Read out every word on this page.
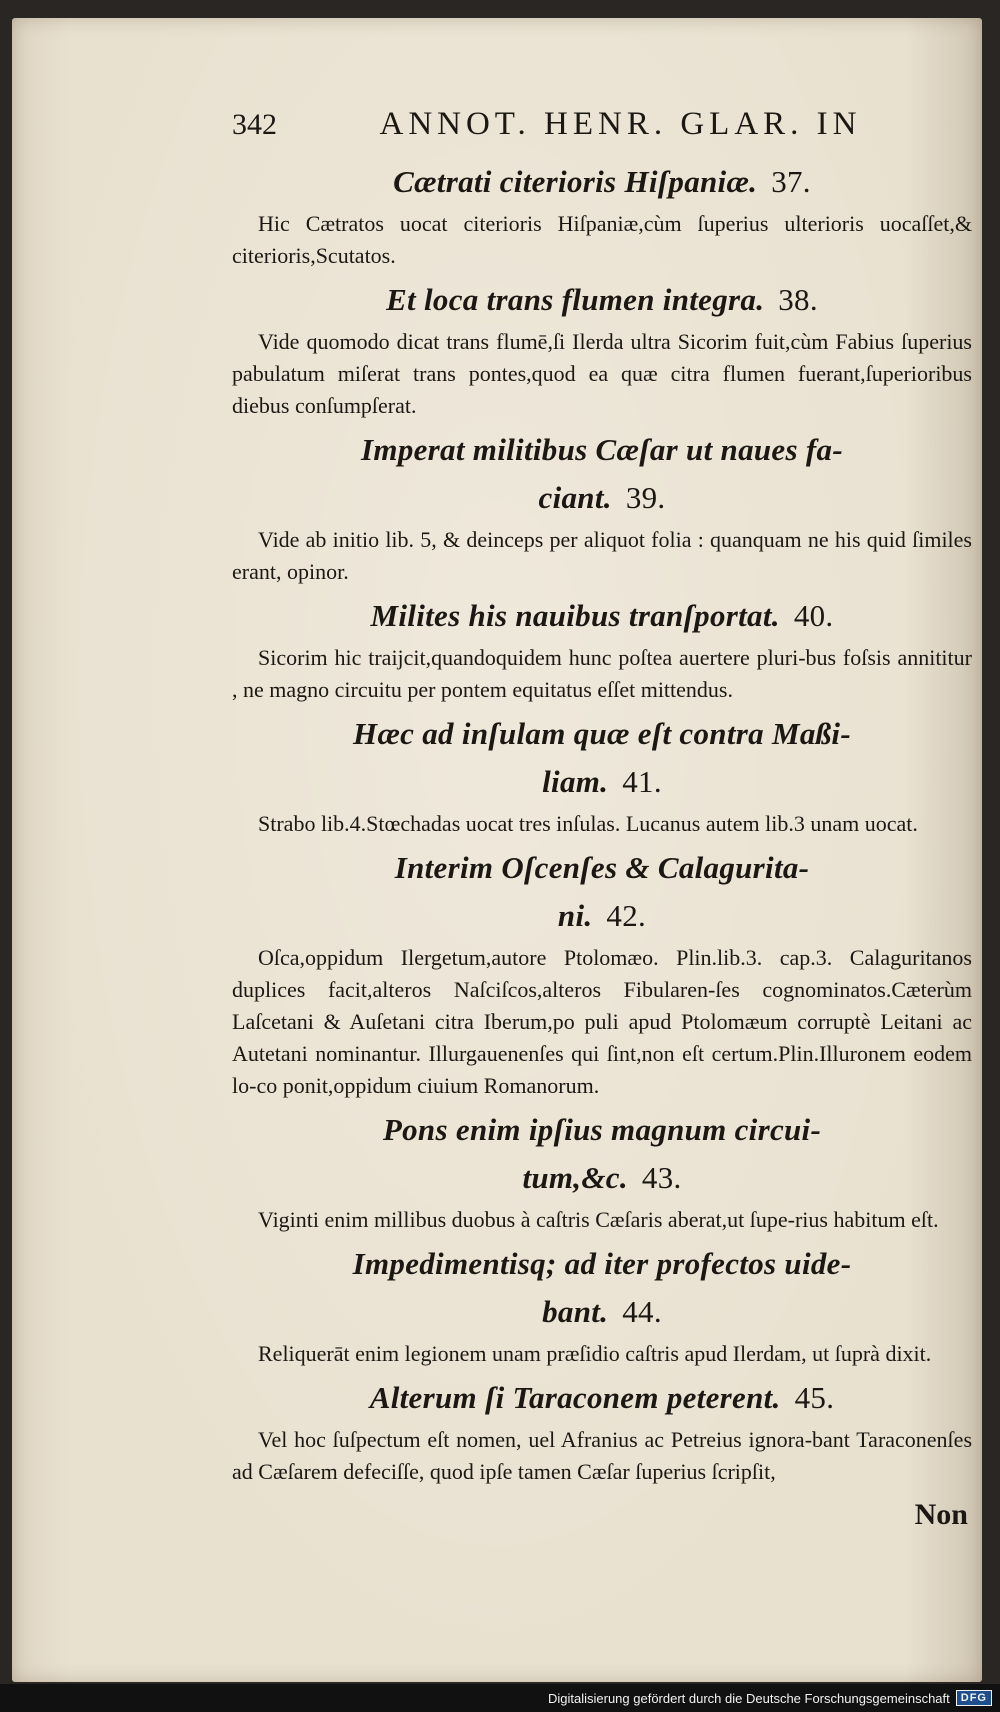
342	ANNOT. HENR. GLAR. IN
Cætrati citerioris Hiſpaniæ. 37.

Hic Cætratos uocat citerioris Hiſpaniæ,cùm ſuperius ulterioris uocaſſet,& citerioris,Scutatos.

Et loca trans flumen integra. 38.

Vide quomodo dicat trans flumē,ſi Ilerda ultra Sicorim fuit,cùm Fabius ſuperius pabulatum miſerat trans pontes,quod ea quæ citra flumen fuerant,ſuperioribus diebus conſumpſerat.

Imperat militibus Cæſar ut naues fa-
ciant. 39.

Vide ab initio lib. 5, & deinceps per aliquot folia : quanquam ne his quid ſimiles erant, opinor.

Milites his nauibus tranſportat. 40.

Sicorim hic traijcit,quandoquidem hunc poſtea auertere pluri-bus foſsis annititur , ne magno circuitu per pontem equitatus eſſet mittendus.

Hæc ad inſulam quæ eſt contra Maßi-
liam. 41.

Strabo lib.4.Stœchadas uocat tres inſulas. Lucanus autem lib.3 unam uocat.

Interim Oſcenſes & Calagurita-
ni. 42.

Oſca,oppidum Ilergetum,autore Ptolomæo. Plin.lib.3. cap.3. Calaguritanos duplices facit,alteros Naſciſcos,alteros Fibularen-ſes cognominatos.Cæterùm Laſcetani & Auſetani citra Iberum,po puli apud Ptolomæum corruptè Leitani ac Autetani nominantur. Illurgauenenſes qui ſint,non eſt certum.Plin.Illuronem eodem lo-co ponit,oppidum ciuium Romanorum.

Pons enim ipſius magnum circui-
tum,&c. 43.

Viginti enim millibus duobus à caſtris Cæſaris aberat,ut ſupe-rius habitum eſt.

Impedimentisq; ad iter profectos uide-
bant. 44.

Reliquerāt enim legionem unam præſidio caſtris apud Ilerdam, ut ſuprà dixit.

Alterum ſi Taraconem peterent. 45.

Vel hoc ſuſpectum eſt nomen, uel Afranius ac Petreius ignora-bant Taraconenſes ad Cæſarem defeciſſe, quod ipſe tamen Cæſar ſuperius ſcripſit,

Non
Digitalisierung gefördert durch die Deutsche Forschungsgemeinschaft	DFG
